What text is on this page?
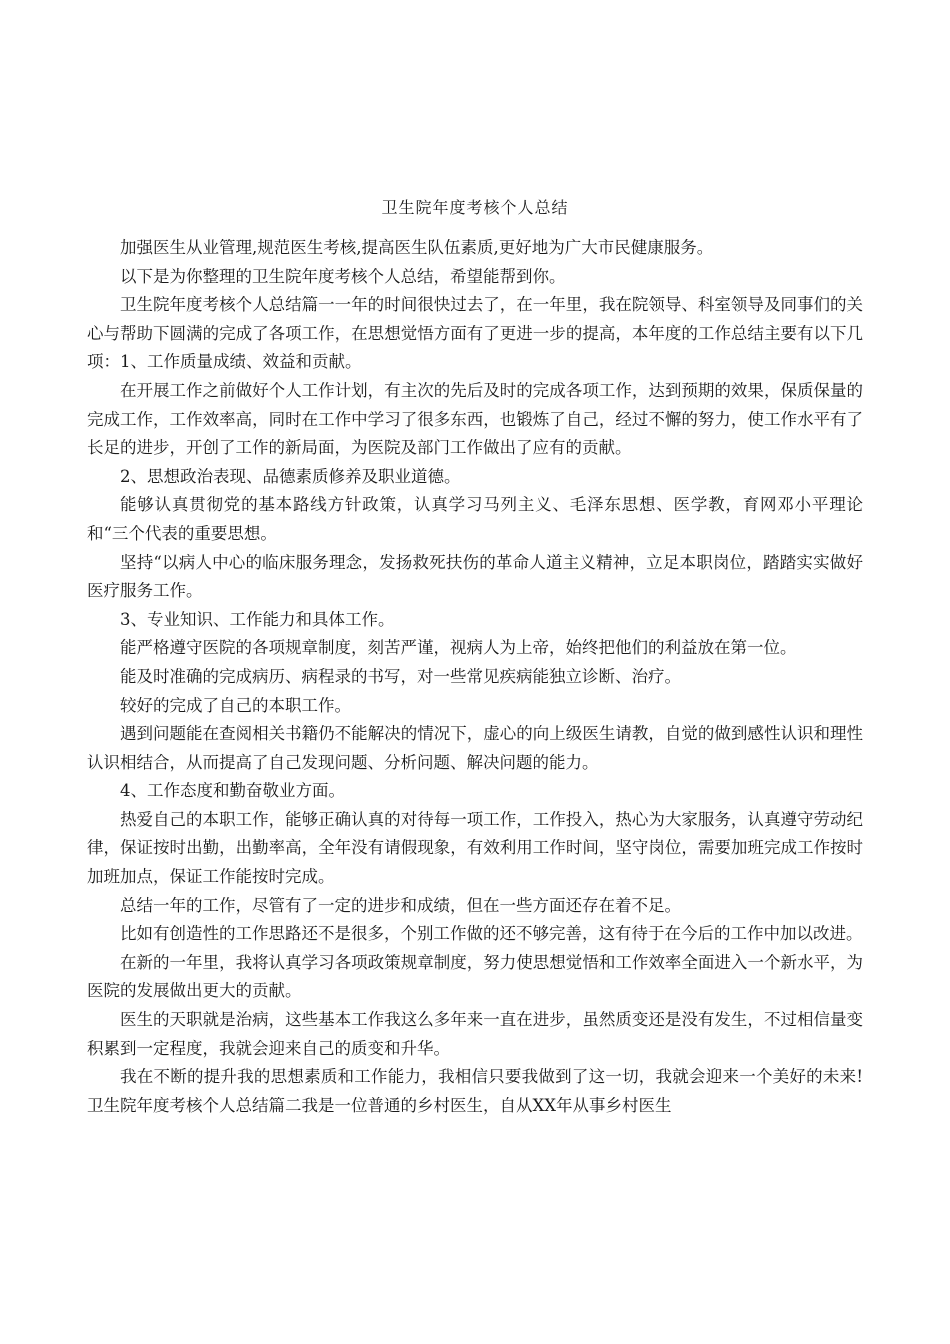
卫生院年度考核个人总结

加强医生从业管理,规范医生考核,提高医生队伍素质,更好地为广大市民健康服务。

以下是为你整理的卫生院年度考核个人总结，希望能帮到你。

卫生院年度考核个人总结篇一一年的时间很快过去了，在一年里，我在院领导、科室领导及同事们的关心与帮助下圆满的完成了各项工作，在思想觉悟方面有了更进一步的提高，本年度的工作总结主要有以下几项：1、工作质量成绩、效益和贡献。

在开展工作之前做好个人工作计划，有主次的先后及时的完成各项工作，达到预期的效果，保质保量的完成工作，工作效率高，同时在工作中学习了很多东西，也锻炼了自己，经过不懈的努力，使工作水平有了长足的进步，开创了工作的新局面，为医院及部门工作做出了应有的贡献。

2、思想政治表现、品德素质修养及职业道德。

能够认真贯彻党的基本路线方针政策，认真学习马列主义、毛泽东思想、医学教，育网邓小平理论和“三个代表的重要思想。

坚持“以病人中心的临床服务理念，发扬救死扶伤的革命人道主义精神，立足本职岗位，踏踏实实做好医疗服务工作。

3、专业知识、工作能力和具体工作。

能严格遵守医院的各项规章制度，刻苦严谨，视病人为上帝，始终把他们的利益放在第一位。

能及时准确的完成病历、病程录的书写，对一些常见疾病能独立诊断、治疗。

较好的完成了自己的本职工作。

遇到问题能在查阅相关书籍仍不能解决的情况下，虚心的向上级医生请教，自觉的做到感性认识和理性认识相结合，从而提高了自己发现问题、分析问题、解决问题的能力。

4、工作态度和勤奋敬业方面。

热爱自己的本职工作，能够正确认真的对待每一项工作，工作投入，热心为大家服务，认真遵守劳动纪律，保证按时出勤，出勤率高，全年没有请假现象，有效利用工作时间，坚守岗位，需要加班完成工作按时加班加点，保证工作能按时完成。

总结一年的工作，尽管有了一定的进步和成绩，但在一些方面还存在着不足。

比如有创造性的工作思路还不是很多，个别工作做的还不够完善，这有待于在今后的工作中加以改进。

在新的一年里，我将认真学习各项政策规章制度，努力使思想觉悟和工作效率全面进入一个新水平，为医院的发展做出更大的贡献。

医生的天职就是治病，这些基本工作我这么多年来一直在进步，虽然质变还是没有发生，不过相信量变积累到一定程度，我就会迎来自己的质变和升华。

我在不断的提升我的思想素质和工作能力，我相信只要我做到了这一切，我就会迎来一个美好的未来!卫生院年度考核个人总结篇二我是一位普通的乡村医生，自从XX年从事乡村医生
